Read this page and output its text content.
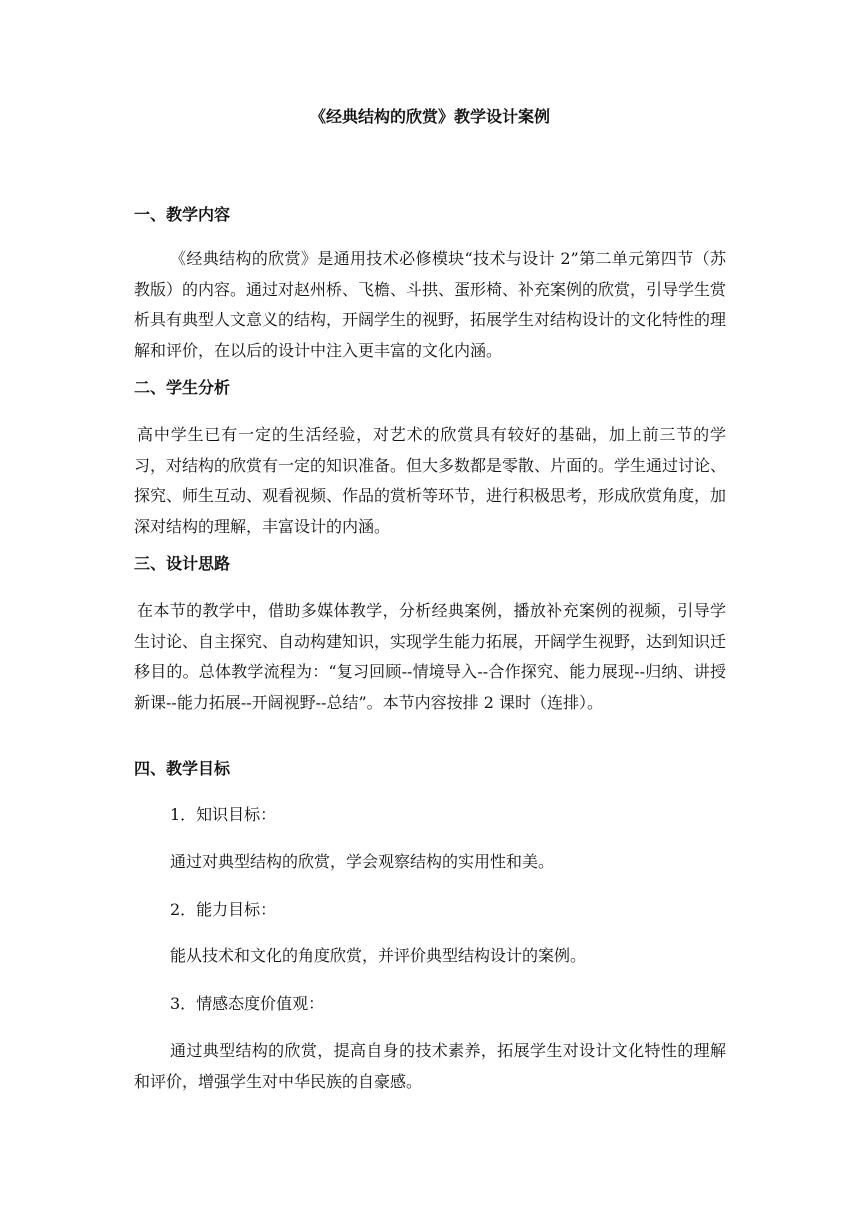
《经典结构的欣赏》教学设计案例
一、教学内容

《经典结构的欣赏》是通用技术必修模块“技术与设计 2”第二单元第四节（苏教版）的内容。通过对赵州桥、飞檐、斗拱、蛋形椅、补充案例的欣赏，引导学生赏析具有典型人文意义的结构，开阔学生的视野，拓展学生对结构设计的文化特性的理解和评价，在以后的设计中注入更丰富的文化内涵。

二、学生分析

高中学生已有一定的生活经验，对艺术的欣赏具有较好的基础，加上前三节的学习，对结构的欣赏有一定的知识准备。但大多数都是零散、片面的。学生通过讨论、探究、师生互动、观看视频、作品的赏析等环节，进行积极思考，形成欣赏角度，加深对结构的理解，丰富设计的内涵。

三、设计思路

在本节的教学中，借助多媒体教学，分析经典案例，播放补充案例的视频，引导学生讨论、自主探究、自动构建知识，实现学生能力拓展，开阔学生视野，达到知识迁移目的。总体教学流程为：“复习回顾--情境导入--合作探究、能力展现--归纳、讲授新课--能力拓展--开阔视野--总结”。本节内容按排 2 课时（连排）。

四、教学目标
1．知识目标：
通过对典型结构的欣赏，学会观察结构的实用性和美。
2．能力目标：
能从技术和文化的角度欣赏，并评价典型结构设计的案例。
3．情感态度价值观：

通过典型结构的欣赏，提高自身的技术素养，拓展学生对设计文化特性的理解和评价，增强学生对中华民族的自豪感。
